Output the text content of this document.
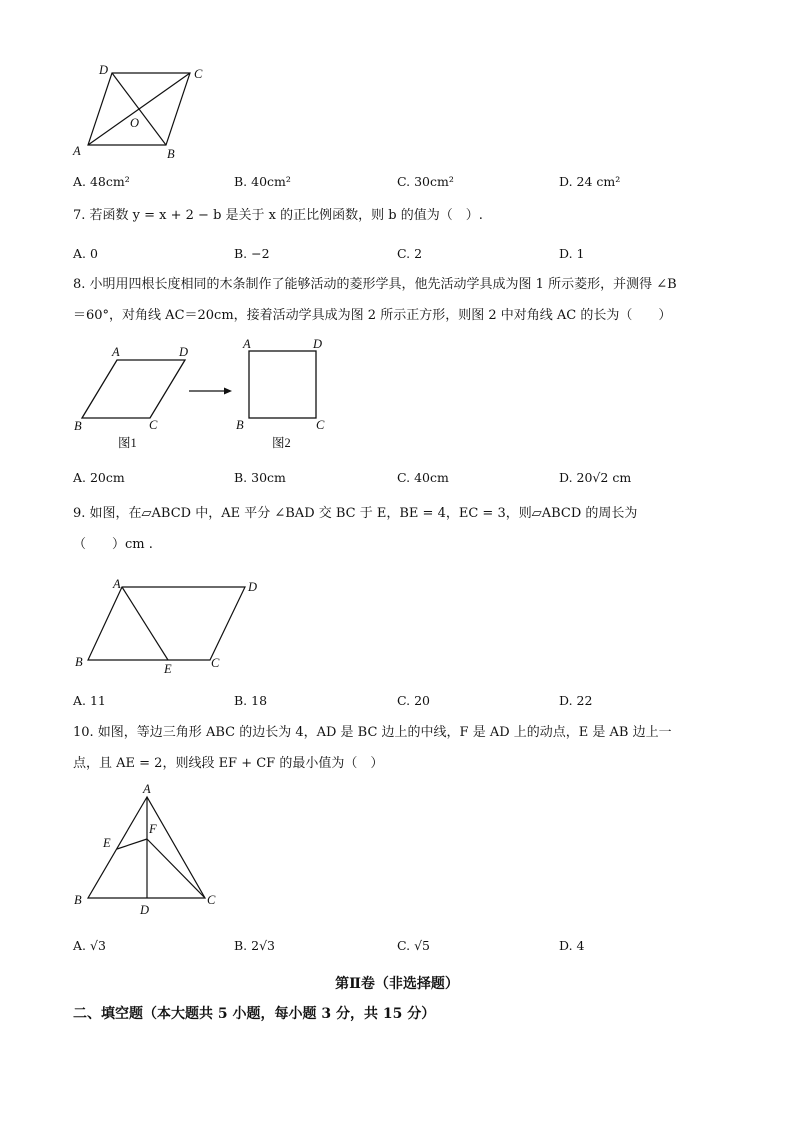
D	C
O
A	B
A. 48cm²	B. 40cm²	C. 30cm²	D. 24 cm²
7. 若函数 y = x + 2 − b 是关于 x 的正比例函数，则 b 的值为（　）.
A. 0	B. −2	C. 2	D. 1
8. 小明用四根长度相同的木条制作了能够活动的菱形学具，他先活动学具成为图 1 所示菱形，并测得 ∠B
＝60°，对角线 AC＝20cm，接着活动学具成为图 2 所示正方形，则图 2 中对角线 AC 的长为（　　）
A	D
B	C
图1
A	D
B	C
图2
A. 20cm	B. 30cm	C. 40cm	D. 20√2 cm
9. 如图，在▱ABCD 中，AE 平分 ∠BAD 交 BC 于 E，BE = 4，EC = 3，则▱ABCD 的周长为
（　　）cm .
A	D
B	E	C
A. 11	B. 18	C. 20	D. 22
10. 如图，等边三角形 ABC 的边长为 4，AD 是 BC 边上的中线，F 是 AD 上的动点，E 是 AB 边上一
点，且 AE = 2，则线段 EF + CF 的最小值为（　）
A
F
E
B
D
C
A. √3	B. 2√3	C. √5	D. 4
第Ⅱ卷（非选择题）
二、填空题（本大题共 5 小题，每小题 3 分，共 15 分）
